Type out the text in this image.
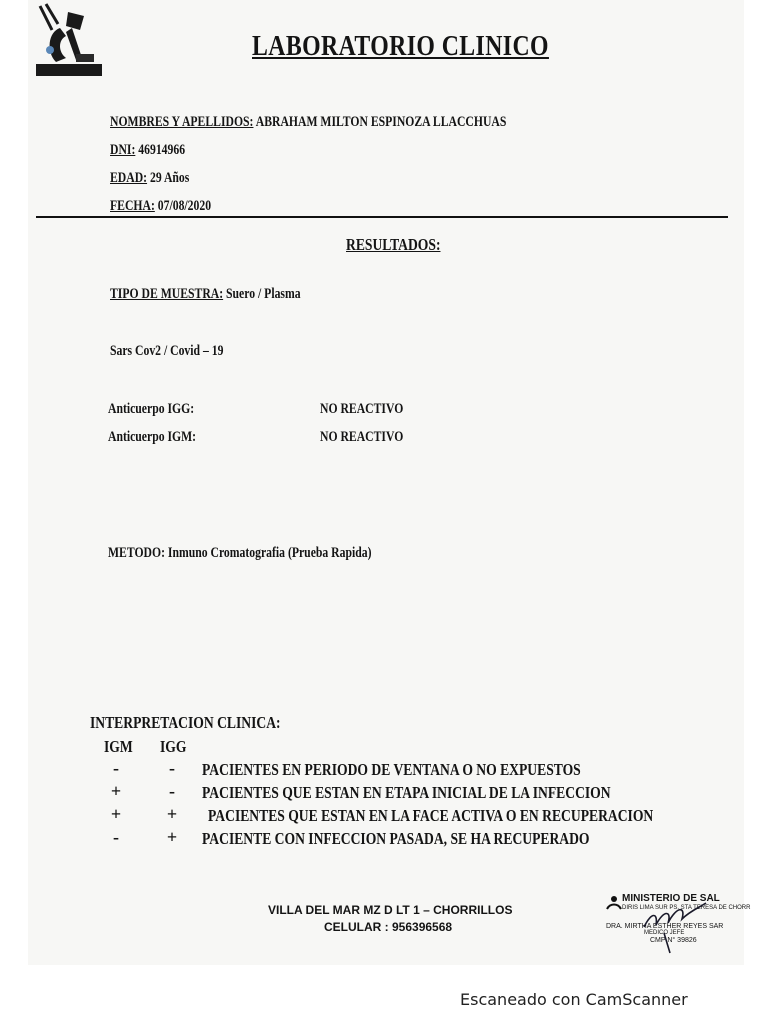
LABORATORIO CLINICO
NOMBRES Y APELLIDOS: ABRAHAM MILTON ESPINOZA LLACCHUAS
DNI: 46914966
EDAD: 29 Años
FECHA: 07/08/2020
RESULTADOS:
TIPO DE MUESTRA: Suero / Plasma
Sars Cov2 / Covid – 19
Anticuerpo IGG:	NO REACTIVO
Anticuerpo IGM:	NO REACTIVO
METODO: Inmuno Cromatografia (Prueba Rapida)
INTERPRETACION CLINICA:
IGM IGG
-	-	PACIENTES EN PERIODO DE VENTANA O NO EXPUESTOS
+	-	PACIENTES QUE ESTAN EN ETAPA INICIAL DE LA INFECCION
+	+ PACIENTES QUE ESTAN EN LA FACE ACTIVA O EN RECUPERACION
-	+ PACIENTE CON INFECCION PASADA, SE HA RECUPERADO
VILLA DEL MAR MZ D LT 1 – CHORRILLOS
CELULAR : 956396568
MINISTERIO DE SAL
DIRIS LIMA SUR PS. STA TERESA DE CHORR
DRA. MIRTHA ESTHER REYES SAR
MEDICO JEFE
CMP N° 39826
Escaneado con CamScanner
